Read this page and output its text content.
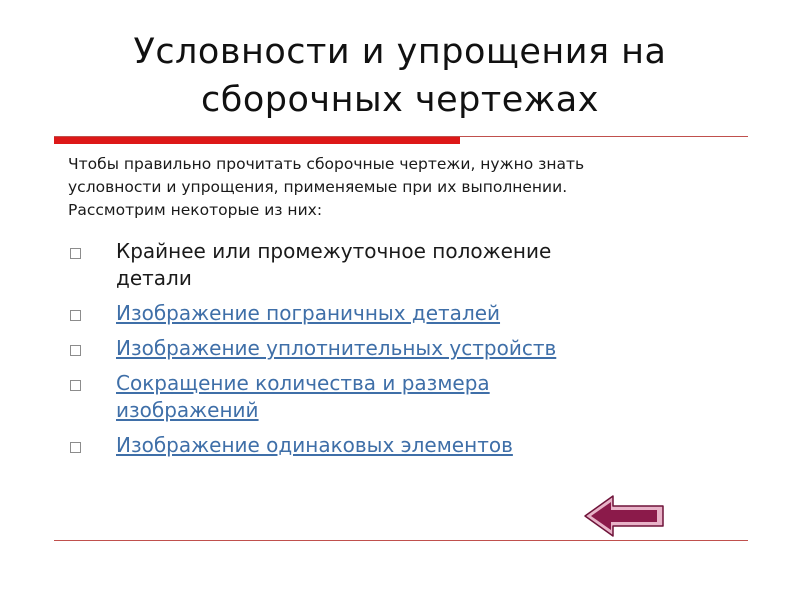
Условности и упрощения на
сборочных чертежах

Чтобы правильно прочитать сборочные чертежи, нужно знать
условности и упрощения, применяемые при их выполнении.
Рассмотрим некоторые из них:

Крайнее или промежуточное положение
детали
Изображение пограничных деталей
Изображение уплотнительных устройств
Сокращение количества и размера
изображений
Изображение одинаковых элементов
